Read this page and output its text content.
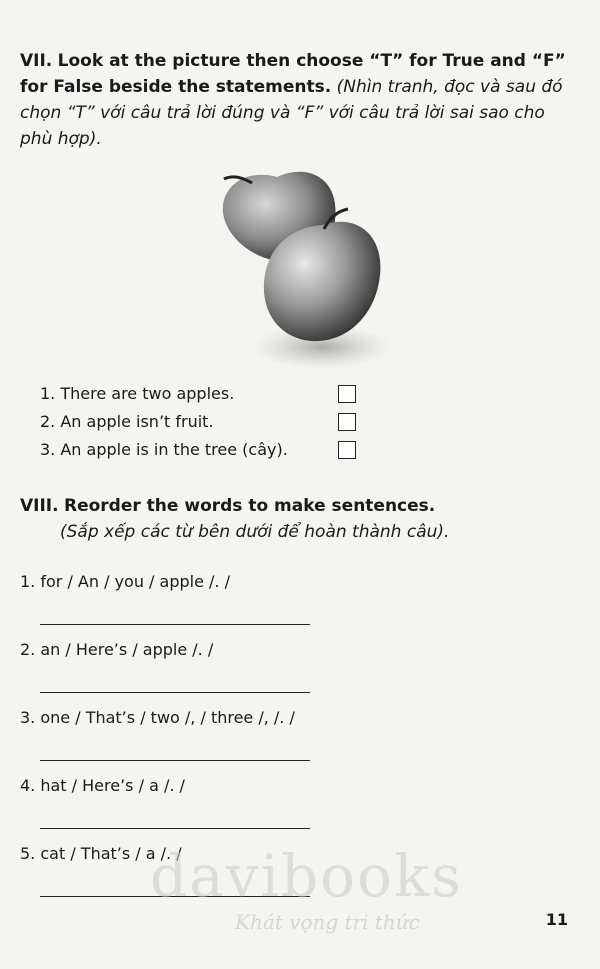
VII. Look at the picture then choose “T” for True and “F” for False beside the statements. (Nhìn tranh, đọc và sau đó chọn “T” với câu trả lời đúng và “F” với câu trả lời sai sao cho phù hợp).
1. There are two apples.
2. An apple isn’t fruit.
3. An apple is in the tree (cây).
VIII. Reorder the words to make sentences.
(Sắp xếp các từ bên dưới để hoàn thành câu).
1. for / An / you / apple /. /
2. an / Here’s / apple /. /
3. one / That’s / two /, / three /, /. /
4. hat / Here’s / a /. /
5. cat / That’s / a /. /
davibooks
Khát vọng tri thức	11
